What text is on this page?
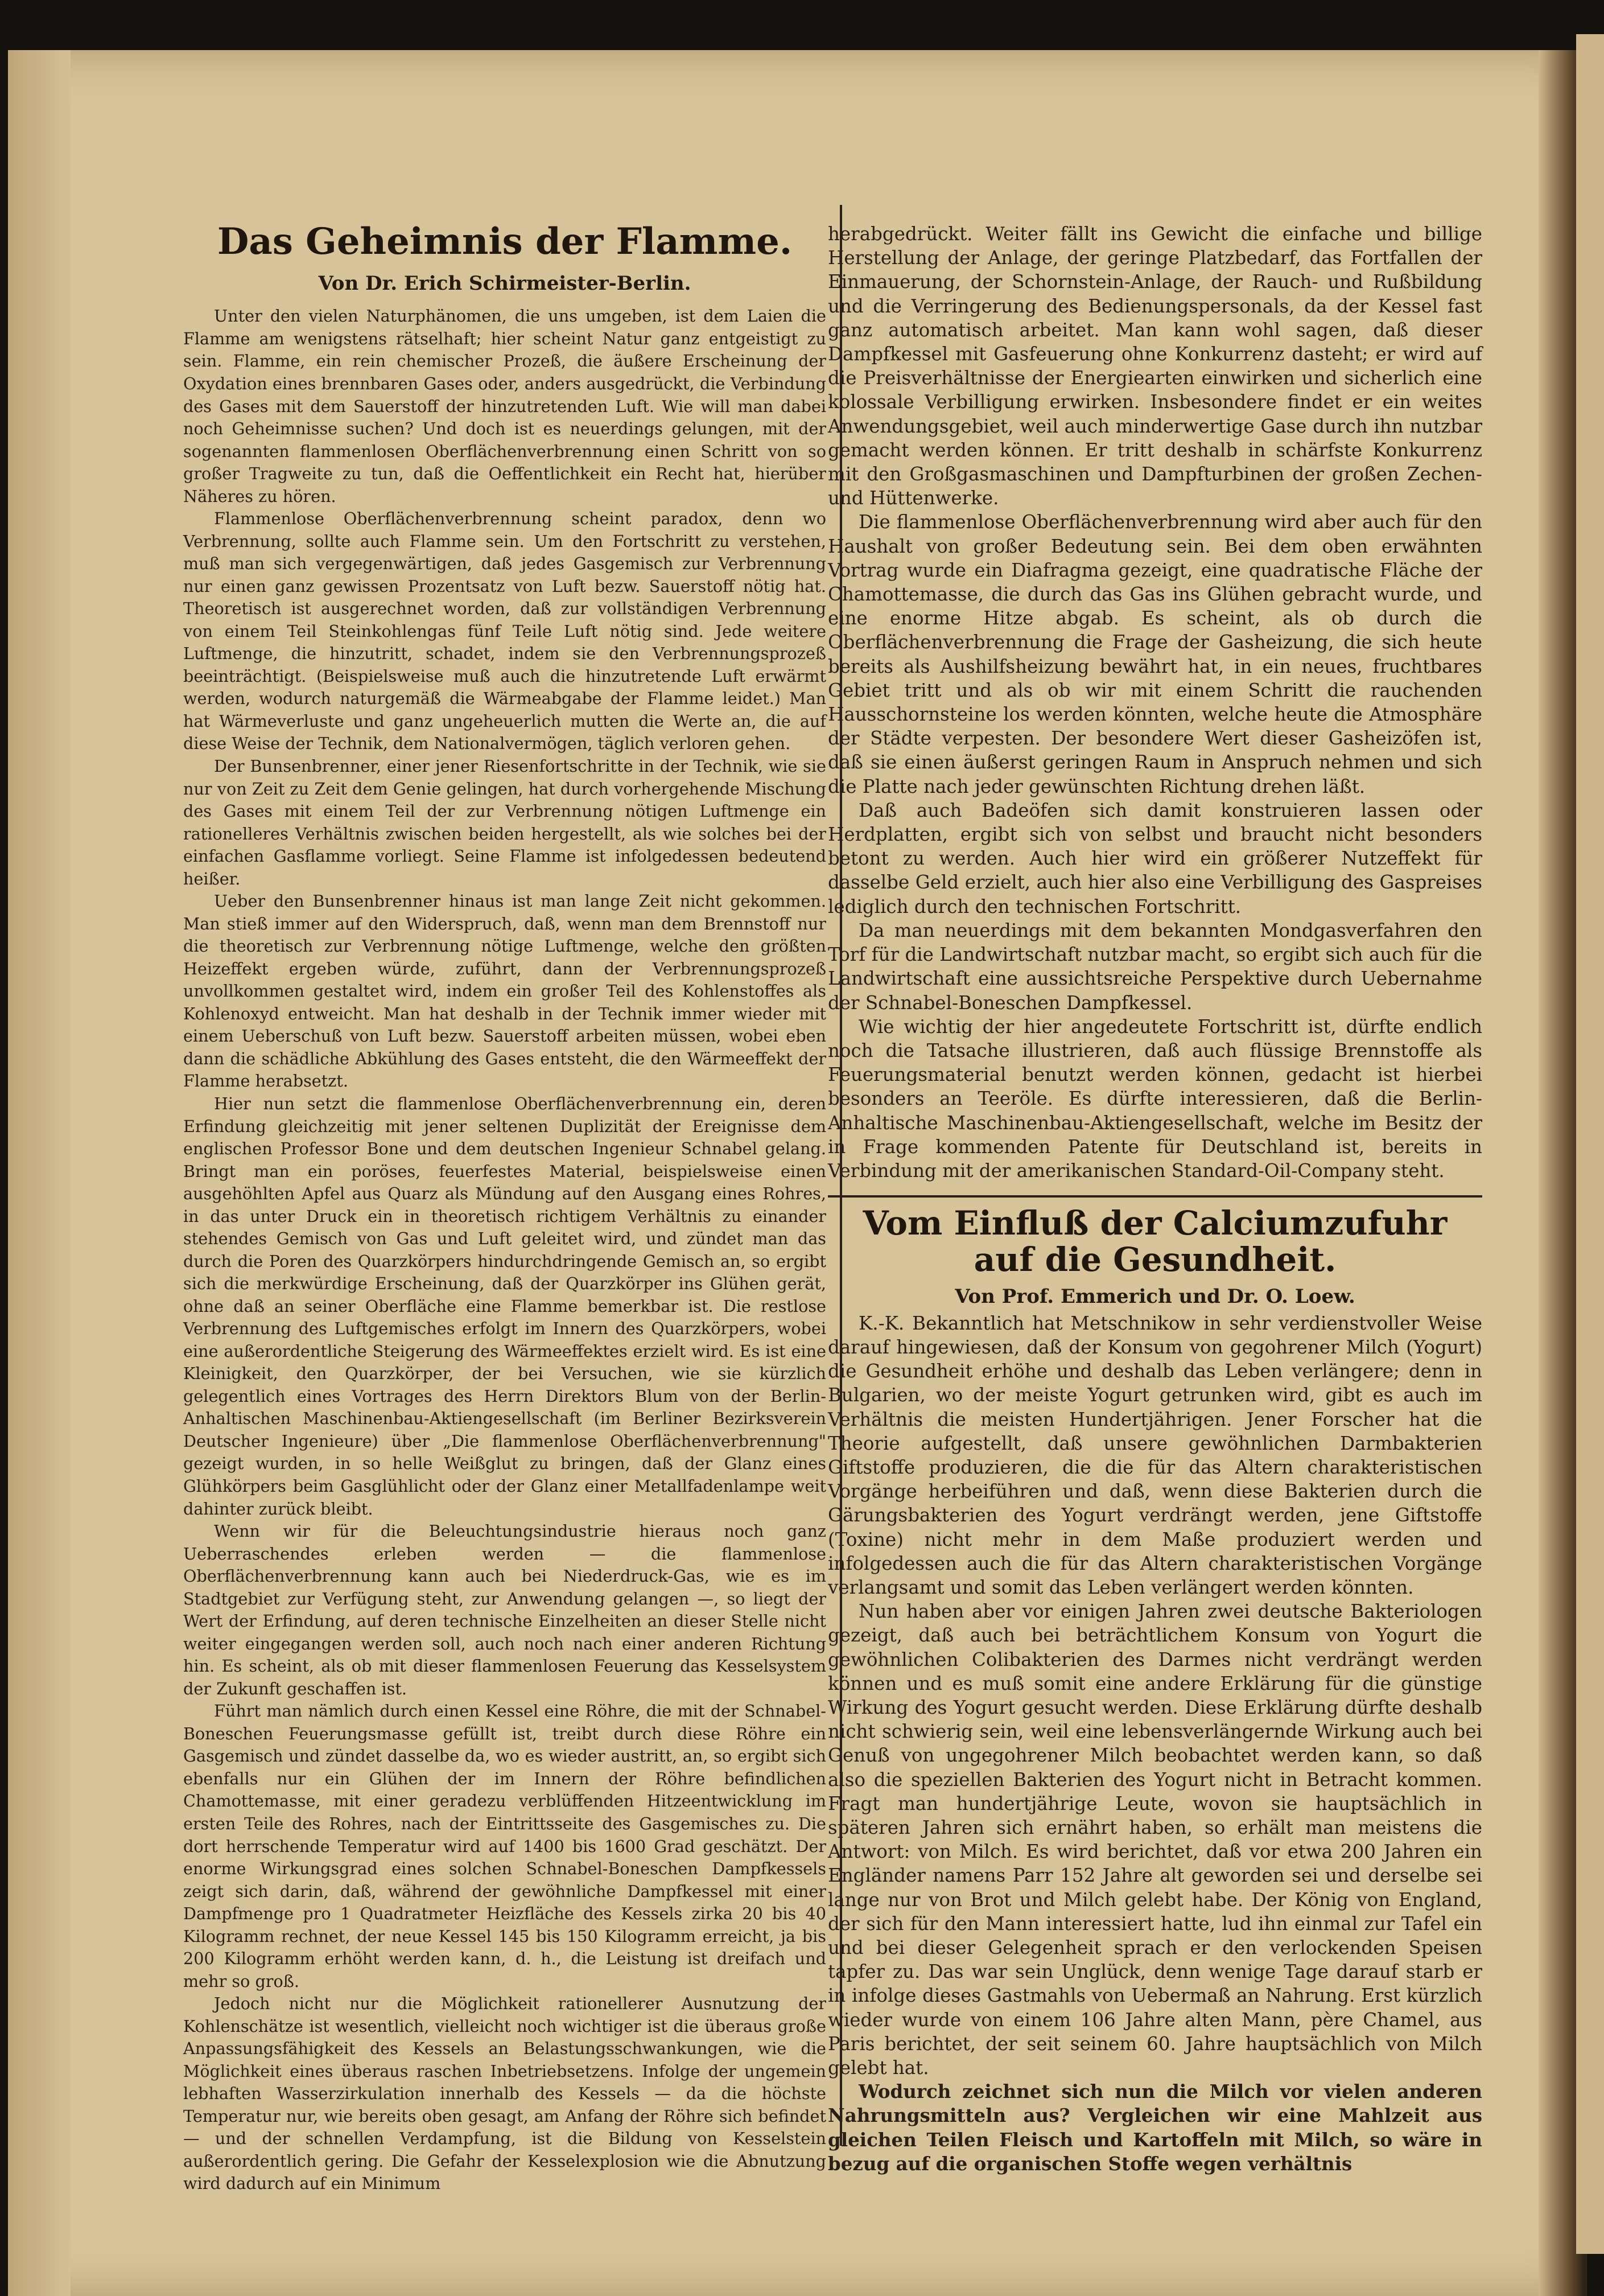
Das Geheimnis der Flamme.
Von Dr. Erich Schirmeister-Berlin.

Unter den vielen Naturphänomen, die uns umgeben, ist dem Laien die Flamme am wenigstens rätselhaft; hier scheint Natur ganz entgeistigt zu sein. Flamme, ein rein chemischer Prozeß, die äußere Erscheinung der Oxydation eines brennbaren Gases oder, anders ausgedrückt, die Verbindung des Gases mit dem Sauerstoff der hinzutretenden Luft. Wie will man dabei noch Geheimnisse suchen? Und doch ist es neuerdings gelungen, mit der sogenannten flammenlosen Oberflächenverbrennung einen Schritt von so großer Tragweite zu tun, daß die Oeffentlichkeit ein Recht hat, hierüber Näheres zu hören.

Flammenlose Oberflächenverbrennung scheint paradox, denn wo Verbrennung, sollte auch Flamme sein. Um den Fortschritt zu verstehen, muß man sich vergegenwärtigen, daß jedes Gasgemisch zur Verbrennung nur einen ganz gewissen Prozentsatz von Luft bezw. Sauerstoff nötig hat. Theoretisch ist ausgerechnet worden, daß zur vollständigen Verbrennung von einem Teil Steinkohlengas fünf Teile Luft nötig sind. Jede weitere Luftmenge, die hinzutritt, schadet, indem sie den Verbrennungsprozeß beeinträchtigt. (Beispielsweise muß auch die hinzutretende Luft erwärmt werden, wodurch naturgemäß die Wärmeabgabe der Flamme leidet.) Man hat Wärmeverluste und ganz ungeheuerlich mutten die Werte an, die auf diese Weise der Technik, dem Nationalvermögen, täglich verloren gehen.

Der Bunsenbrenner, einer jener Riesenfortschritte in der Technik, wie sie nur von Zeit zu Zeit dem Genie gelingen, hat durch vorhergehende Mischung des Gases mit einem Teil der zur Verbrennung nötigen Luftmenge ein rationelleres Verhältnis zwischen beiden hergestellt, als wie solches bei der einfachen Gasflamme vorliegt. Seine Flamme ist infolgedessen bedeutend heißer.

Ueber den Bunsenbrenner hinaus ist man lange Zeit nicht gekommen. Man stieß immer auf den Widerspruch, daß, wenn man dem Brennstoff nur die theoretisch zur Verbrennung nötige Luftmenge, welche den größten Heizeffekt ergeben würde, zuführt, dann der Verbrennungsprozeß unvollkommen gestaltet wird, indem ein großer Teil des Kohlenstoffes als Kohlenoxyd entweicht. Man hat deshalb in der Technik immer wieder mit einem Ueberschuß von Luft bezw. Sauerstoff arbeiten müssen, wobei eben dann die schädliche Abkühlung des Gases entsteht, die den Wärmeeffekt der Flamme herabsetzt.

Hier nun setzt die flammenlose Oberflächenverbrennung ein, deren Erfindung gleichzeitig mit jener seltenen Duplizität der Ereignisse dem englischen Professor Bone und dem deutschen Ingenieur Schnabel gelang. Bringt man ein poröses, feuerfestes Material, beispielsweise einen ausgehöhlten Apfel aus Quarz als Mündung auf den Ausgang eines Rohres, in das unter Druck ein in theoretisch richtigem Verhältnis zu einander stehendes Gemisch von Gas und Luft geleitet wird, und zündet man das durch die Poren des Quarzkörpers hindurchdringende Gemisch an, so ergibt sich die merkwürdige Erscheinung, daß der Quarzkörper ins Glühen gerät, ohne daß an seiner Oberfläche eine Flamme bemerkbar ist. Die restlose Verbrennung des Luftgemisches erfolgt im Innern des Quarzkörpers, wobei eine außerordentliche Steigerung des Wärmeeffektes erzielt wird. Es ist eine Kleinigkeit, den Quarzkörper, der bei Versuchen, wie sie kürzlich gelegentlich eines Vortrages des Herrn Direktors Blum von der Berlin-Anhaltischen Maschinenbau-Aktiengesellschaft (im Berliner Bezirksverein Deutscher Ingenieure) über „Die flammenlose Oberflächenverbrennung" gezeigt wurden, in so helle Weißglut zu bringen, daß der Glanz eines Glühkörpers beim Gasglühlicht oder der Glanz einer Metallfadenlampe weit dahinter zurück bleibt.

Wenn wir für die Beleuchtungsindustrie hieraus noch ganz Ueberraschendes erleben werden — die flammenlose Oberflächenverbrennung kann auch bei Niederdruck-Gas, wie es im Stadtgebiet zur Verfügung steht, zur Anwendung gelangen —, so liegt der Wert der Erfindung, auf deren technische Einzelheiten an dieser Stelle nicht weiter eingegangen werden soll, auch noch nach einer anderen Richtung hin. Es scheint, als ob mit dieser flammenlosen Feuerung das Kesselsystem der Zukunft geschaffen ist.

Führt man nämlich durch einen Kessel eine Röhre, die mit der Schnabel-Boneschen Feuerungsmasse gefüllt ist, treibt durch diese Röhre ein Gasgemisch und zündet dasselbe da, wo es wieder austritt, an, so ergibt sich ebenfalls nur ein Glühen der im Innern der Röhre befindlichen Chamottemasse, mit einer geradezu verblüffenden Hitzeentwicklung im ersten Teile des Rohres, nach der Eintrittsseite des Gasgemisches zu. Die dort herrschende Temperatur wird auf 1400 bis 1600 Grad geschätzt. Der enorme Wirkungsgrad eines solchen Schnabel-Boneschen Dampfkessels zeigt sich darin, daß, während der gewöhnliche Dampfkessel mit einer Dampfmenge pro 1 Quadratmeter Heizfläche des Kessels zirka 20 bis 40 Kilogramm rechnet, der neue Kessel 145 bis 150 Kilogramm erreicht, ja bis 200 Kilogramm erhöht werden kann, d. h., die Leistung ist dreifach und mehr so groß.

Jedoch nicht nur die Möglichkeit rationellerer Ausnutzung der Kohlenschätze ist wesentlich, vielleicht noch wichtiger ist die überaus große Anpassungsfähigkeit des Kessels an Belastungsschwankungen, wie die Möglichkeit eines überaus raschen Inbetriebsetzens. Infolge der ungemein lebhaften Wasserzirkulation innerhalb des Kessels — da die höchste Temperatur nur, wie bereits oben gesagt, am Anfang der Röhre sich befindet — und der schnellen Verdampfung, ist die Bildung von Kesselstein außerordentlich gering. Die Gefahr der Kesselexplosion wie die Abnutzung wird dadurch auf ein Minimum

herabgedrückt. Weiter fällt ins Gewicht die einfache und billige Herstellung der Anlage, der geringe Platzbedarf, das Fortfallen der Einmauerung, der Schornstein-Anlage, der Rauch- und Rußbildung und die Verringerung des Bedienungspersonals, da der Kessel fast ganz automatisch arbeitet. Man kann wohl sagen, daß dieser Dampfkessel mit Gasfeuerung ohne Konkurrenz dasteht; er wird auf die Preisverhältnisse der Energiearten einwirken und sicherlich eine kolossale Verbilligung erwirken. Insbesondere findet er ein weites Anwendungsgebiet, weil auch minderwertige Gase durch ihn nutzbar gemacht werden können. Er tritt deshalb in schärfste Konkurrenz mit den Großgasmaschinen und Dampfturbinen der großen Zechen- und Hüttenwerke.

Die flammenlose Oberflächenverbrennung wird aber auch für den Haushalt von großer Bedeutung sein. Bei dem oben erwähnten Vortrag wurde ein Diafragma gezeigt, eine quadratische Fläche der Chamottemasse, die durch das Gas ins Glühen gebracht wurde, und eine enorme Hitze abgab. Es scheint, als ob durch die Oberflächenverbrennung die Frage der Gasheizung, die sich heute bereits als Aushilfsheizung bewährt hat, in ein neues, fruchtbares Gebiet tritt und als ob wir mit einem Schritt die rauchenden Hausschornsteine los werden könnten, welche heute die Atmosphäre der Städte verpesten. Der besondere Wert dieser Gasheizöfen ist, daß sie einen äußerst geringen Raum in Anspruch nehmen und sich die Platte nach jeder gewünschten Richtung drehen läßt.

Daß auch Badeöfen sich damit konstruieren lassen oder Herdplatten, ergibt sich von selbst und braucht nicht besonders betont zu werden. Auch hier wird ein größerer Nutzeffekt für dasselbe Geld erzielt, auch hier also eine Verbilligung des Gaspreises lediglich durch den technischen Fortschritt.

Da man neuerdings mit dem bekannten Mondgasverfahren den Torf für die Landwirtschaft nutzbar macht, so ergibt sich auch für die Landwirtschaft eine aussichtsreiche Perspektive durch Uebernahme der Schnabel-Boneschen Dampfkessel.

Wie wichtig der hier angedeutete Fortschritt ist, dürfte endlich noch die Tatsache illustrieren, daß auch flüssige Brennstoffe als Feuerungsmaterial benutzt werden können, gedacht ist hierbei besonders an Teeröle. Es dürfte interessieren, daß die Berlin-Anhaltische Maschinenbau-Aktiengesellschaft, welche im Besitz der in Frage kommenden Patente für Deutschland ist, bereits in Verbindung mit der amerikanischen Standard-Oil-Company steht.

Vom Einfluß der Calciumzufuhr auf die Gesundheit.
Von Prof. Emmerich und Dr. O. Loew.

K.-K. Bekanntlich hat Metschnikow in sehr verdienstvoller Weise darauf hingewiesen, daß der Konsum von gegohrener Milch (Yogurt) die Gesundheit erhöhe und deshalb das Leben verlängere; denn in Bulgarien, wo der meiste Yogurt getrunken wird, gibt es auch im Verhältnis die meisten Hundertjährigen. Jener Forscher hat die Theorie aufgestellt, daß unsere gewöhnlichen Darmbakterien Giftstoffe produzieren, die die für das Altern charakteristischen Vorgänge herbeiführen und daß, wenn diese Bakterien durch die Gärungsbakterien des Yogurt verdrängt werden, jene Giftstoffe (Toxine) nicht mehr in dem Maße produziert werden und infolgedessen auch die für das Altern charakteristischen Vorgänge verlangsamt und somit das Leben verlängert werden könnten.

Nun haben aber vor einigen Jahren zwei deutsche Bakteriologen gezeigt, daß auch bei beträchtlichem Konsum von Yogurt die gewöhnlichen Colibakterien des Darmes nicht verdrängt werden können und es muß somit eine andere Erklärung für die günstige Wirkung des Yogurt gesucht werden. Diese Erklärung dürfte deshalb nicht schwierig sein, weil eine lebensverlängernde Wirkung auch bei Genuß von ungegohrener Milch beobachtet werden kann, so daß also die speziellen Bakterien des Yogurt nicht in Betracht kommen. Fragt man hundertjährige Leute, wovon sie hauptsächlich in späteren Jahren sich ernährt haben, so erhält man meistens die Antwort: von Milch. Es wird berichtet, daß vor etwa 200 Jahren ein Engländer namens Parr 152 Jahre alt geworden sei und derselbe sei lange nur von Brot und Milch gelebt habe. Der König von England, der sich für den Mann interessiert hatte, lud ihn einmal zur Tafel ein und bei dieser Gelegenheit sprach er den verlockenden Speisen tapfer zu. Das war sein Unglück, denn wenige Tage darauf starb er in infolge dieses Gastmahls von Uebermaß an Nahrung. Erst kürzlich wieder wurde von einem 106 Jahre alten Mann, père Chamel, aus Paris berichtet, der seit seinem 60. Jahre hauptsächlich von Milch gelebt hat.

Wodurch zeichnet sich nun die Milch vor vielen anderen Nahrungsmitteln aus? Vergleichen wir eine Mahlzeit aus gleichen Teilen Fleisch und Kartoffeln mit Milch, so wäre in bezug auf die organischen Stoffe wegen verhältnis
